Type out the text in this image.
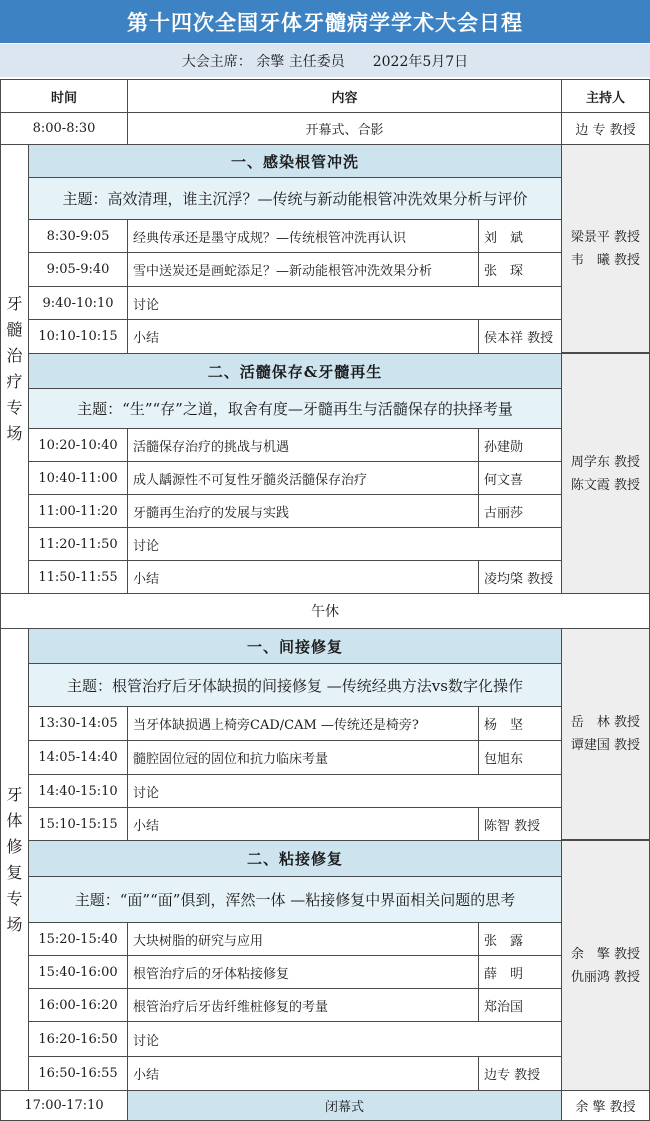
第十四次全国牙体牙髓病学学术大会日程
大会主席： 余擎 主任委员 2022年5月7日
时间	内容	主持人
8:00-8:30	开幕式、合影	边 专 教授
牙
髓
治
疗
专
场
一、感染根管冲洗
主题：高效清理，谁主沉浮？—传统与新动能根管冲洗效果分析与评价
梁景平 教授
韦　曦 教授
8:30-9:05	经典传承还是墨守成规？—传统根管冲洗再认识	刘　斌
9:05-9:40	雪中送炭还是画蛇添足？—新动能根管冲洗效果分析	张　琛
9:40-10:10	讨论
10:10-10:15	小结	侯本祥 教授
二、活髓保存&牙髓再生
主题：“生”“存”之道，取舍有度—牙髓再生与活髓保存的抉择考量
周学东 教授
陈文霞 教授
10:20-10:40	活髓保存治疗的挑战与机遇	孙建勋
10:40-11:00	成人龋源性不可复性牙髓炎活髓保存治疗	何文喜
11:00-11:20	牙髓再生治疗的发展与实践	古丽莎
11:20-11:50	讨论
11:50-11:55	小结	凌均棨 教授
午休
牙
体
修
复
专
场
一、间接修复
主题：根管治疗后牙体缺损的间接修复 —传统经典方法vs数字化操作
岳　林 教授
谭建国 教授
13:30-14:05	当牙体缺损遇上椅旁CAD/CAM —传统还是椅旁?	杨　坚
14:05-14:40	髓腔固位冠的固位和抗力临床考量	包旭东
14:40-15:10	讨论
15:10-15:15	小结	陈智 教授
二、粘接修复
主题：“面”“面”俱到，浑然一体 —粘接修复中界面相关问题的思考
余　擎 教授
仇丽鸿 教授
15:20-15:40	大块树脂的研究与应用	张　露
15:40-16:00	根管治疗后的牙体粘接修复	薛　明
16:00-16:20	根管治疗后牙齿纤维桩修复的考量	郑治国
16:20-16:50	讨论
16:50-16:55	小结	边专 教授
17:00-17:10	闭幕式	余 擎 教授
